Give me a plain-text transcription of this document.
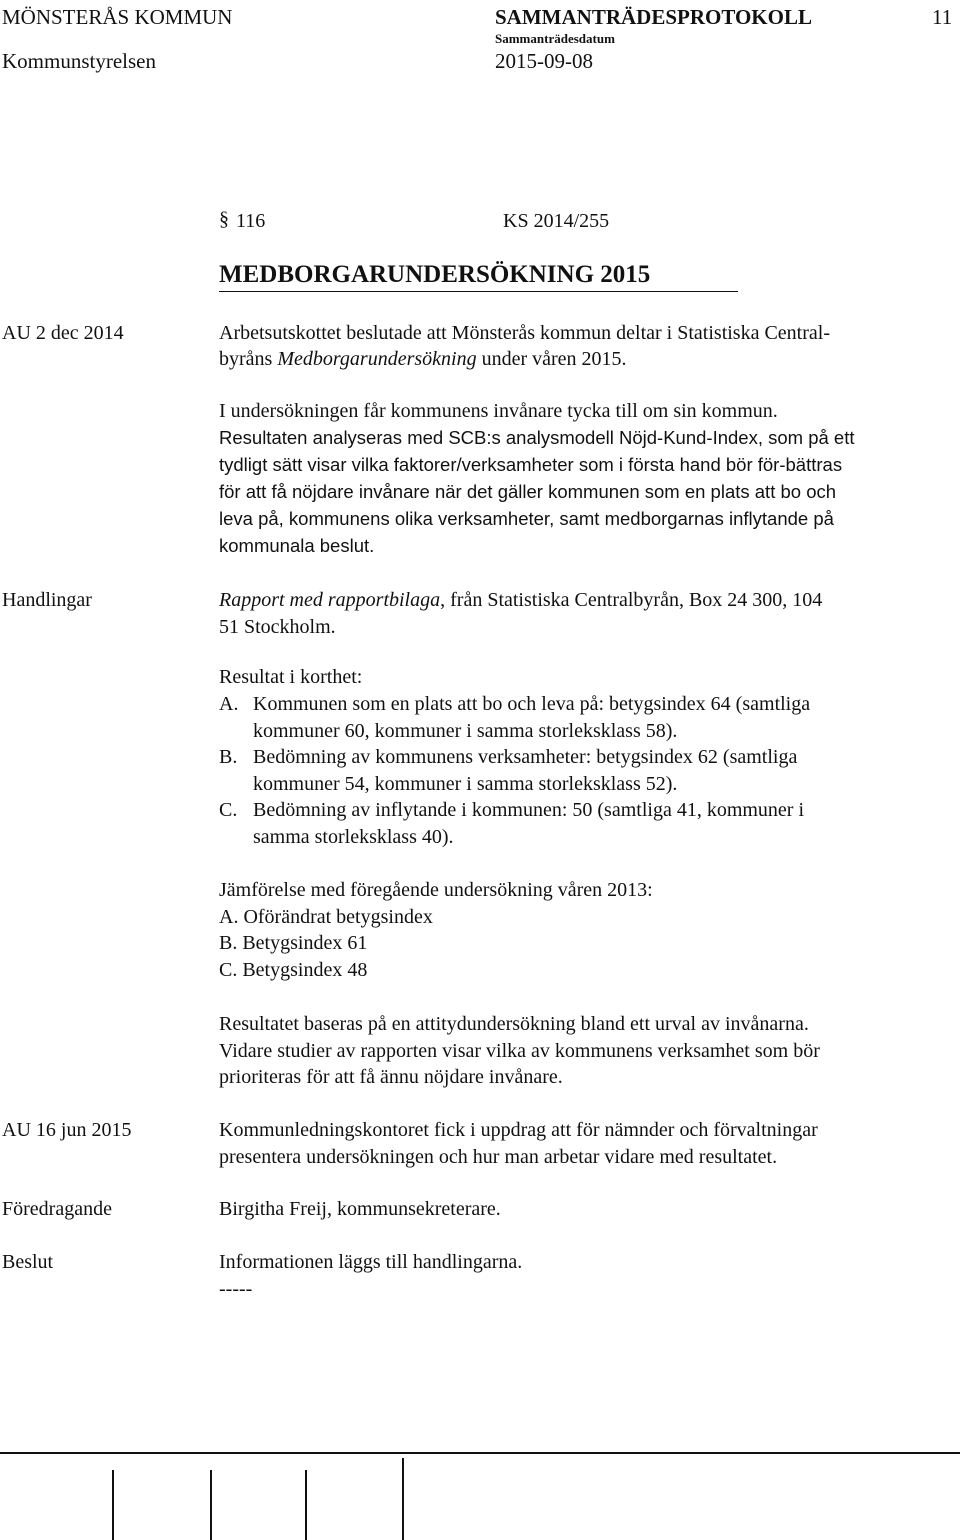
MÖNSTERÅS KOMMUN	SAMMANTRÄDESPROTOKOLL	11
Sammanträdesdatum
Kommunstyrelsen	2015-09-08
§ 116	KS 2014/255
MEDBORGARUNDERSÖKNING 2015
AU 2 dec 2014	Arbetsutskottet beslutade att Mönsterås kommun deltar i Statistiska Central-
byråns Medborgarundersökning under våren 2015.
I undersökningen får kommunens invånare tycka till om sin kommun.
Resultaten analyseras med SCB:s analysmodell Nöjd-Kund-Index, som på ett
tydligt sätt visar vilka faktorer/verksamheter som i första hand bör för-bättras
för att få nöjdare invånare när det gäller kommunen som en plats att bo och
leva på, kommunens olika verksamheter, samt medborgarnas inflytande på
kommunala beslut.
Handlingar	Rapport med rapportbilaga, från Statistiska Centralbyrån, Box 24 300, 104
51 Stockholm.
Resultat i korthet:
A. Kommunen som en plats att bo och leva på: betygsindex 64 (samtliga
kommuner 60, kommuner i samma storleksklass 58).
B. Bedömning av kommunens verksamheter: betygsindex 62 (samtliga
kommuner 54, kommuner i samma storleksklass 52).
C. Bedömning av inflytande i kommunen: 50 (samtliga 41, kommuner i
samma storleksklass 40).
Jämförelse med föregående undersökning våren 2013:
A. Oförändrat betygsindex
B. Betygsindex 61
C. Betygsindex 48
Resultatet baseras på en attitydundersökning bland ett urval av invånarna.
Vidare studier av rapporten visar vilka av kommunens verksamhet som bör
prioriteras för att få ännu nöjdare invånare.
AU 16 jun 2015	Kommunledningskontoret fick i uppdrag att för nämnder och förvaltningar
presentera undersökningen och hur man arbetar vidare med resultatet.
Föredragande	Birgitha Freij, kommunsekreterare.
Beslut	Informationen läggs till handlingarna.
-----
